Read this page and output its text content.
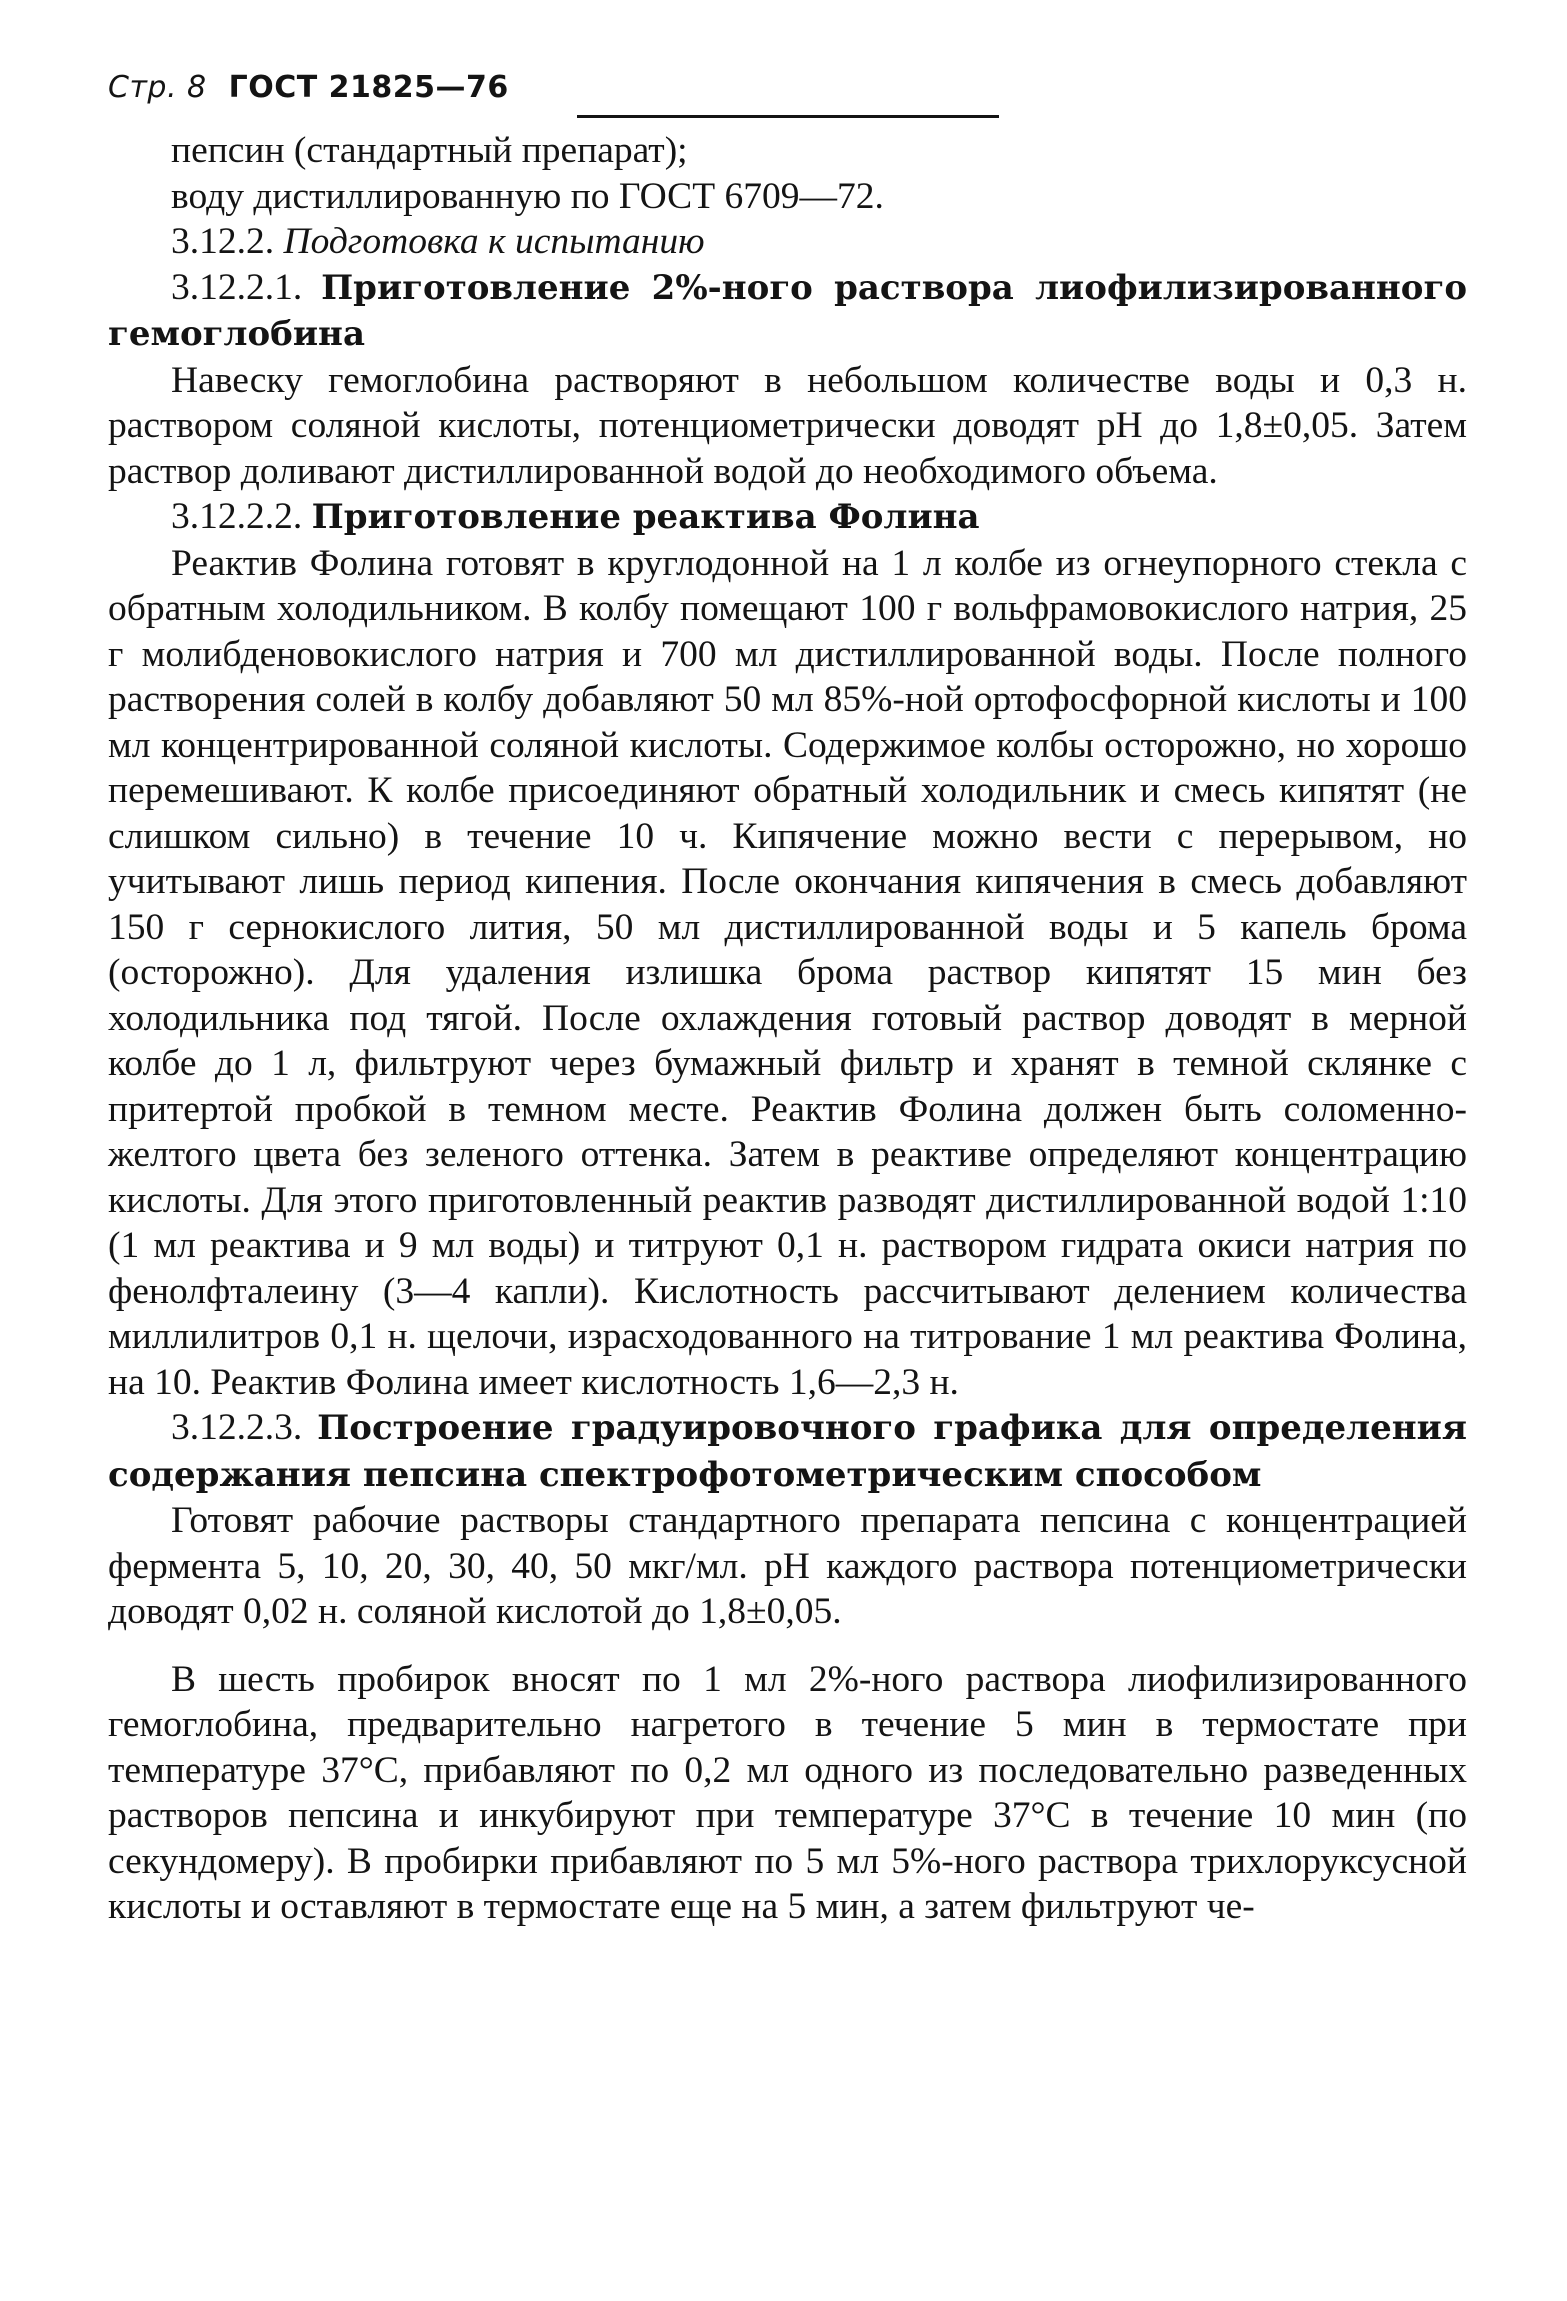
Стр. 8 ГОСТ 21825—76

пепсин (стандартный препарат);

воду дистиллированную по ГОСТ 6709—72.

3.12.2. Подготовка к испытанию

3.12.2.1. Приготовление 2%-ного раствора лиофилизированного гемоглобина

Навеску гемоглобина растворяют в небольшом количестве воды и 0,3 н. раствором соляной кислоты, потенциометрически доводят рН до 1,8±0,05. Затем раствор доливают дистиллированной водой до необходимого объема.

3.12.2.2. Приготовление реактива Фолина

Реактив Фолина готовят в круглодонной на 1 л колбе из огнеупорного стекла с обратным холодильником. В колбу помещают 100 г вольфрамовокислого натрия, 25 г молибденовокислого натрия и 700 мл дистиллированной воды. После полного растворения солей в колбу добавляют 50 мл 85%-ной ортофосфорной кислоты и 100 мл концентрированной соляной кислоты. Содержимое колбы осторожно, но хорошо перемешивают. К колбе присоединяют обратный холодильник и смесь кипятят (не слишком сильно) в течение 10 ч. Кипячение можно вести с перерывом, но учитывают лишь период кипения. После окончания кипячения в смесь добавляют 150 г сернокислого лития, 50 мл дистиллированной воды и 5 капель брома (осторожно). Для удаления излишка брома раствор кипятят 15 мин без холодильника под тягой. После охлаждения готовый раствор доводят в мерной колбе до 1 л, фильтруют через бумажный фильтр и хранят в темной склянке с притертой пробкой в темном месте. Реактив Фолина должен быть соломенно-желтого цвета без зеленого оттенка. Затем в реактиве определяют концентрацию кислоты. Для этого приготовленный реактив разводят дистиллированной водой 1:10 (1 мл реактива и 9 мл воды) и титруют 0,1 н. раствором гидрата окиси натрия по фенолфталеину (3—4 капли). Кислотность рассчитывают делением количества миллилитров 0,1 н. щелочи, израсходованного на титрование 1 мл реактива Фолина, на 10. Реактив Фолина имеет кислотность 1,6—2,3 н.

3.12.2.3. Построение градуировочного графика для определения содержания пепсина спектрофотометрическим способом

Готовят рабочие растворы стандартного препарата пепсина с концентрацией фермента 5, 10, 20, 30, 40, 50 мкг/мл. рН каждого раствора потенциометрически доводят 0,02 н. соляной кислотой до 1,8±0,05.

В шесть пробирок вносят по 1 мл 2%-ного раствора лиофилизированного гемоглобина, предварительно нагретого в течение 5 мин в термостате при температуре 37°С, прибавляют по 0,2 мл одного из последовательно разведенных растворов пепсина и инкубируют при температуре 37°С в течение 10 мин (по секундомеру). В пробирки прибавляют по 5 мл 5%-ного раствора трихлоруксусной кислоты и оставляют в термостате еще на 5 мин, а затем фильтруют че-
